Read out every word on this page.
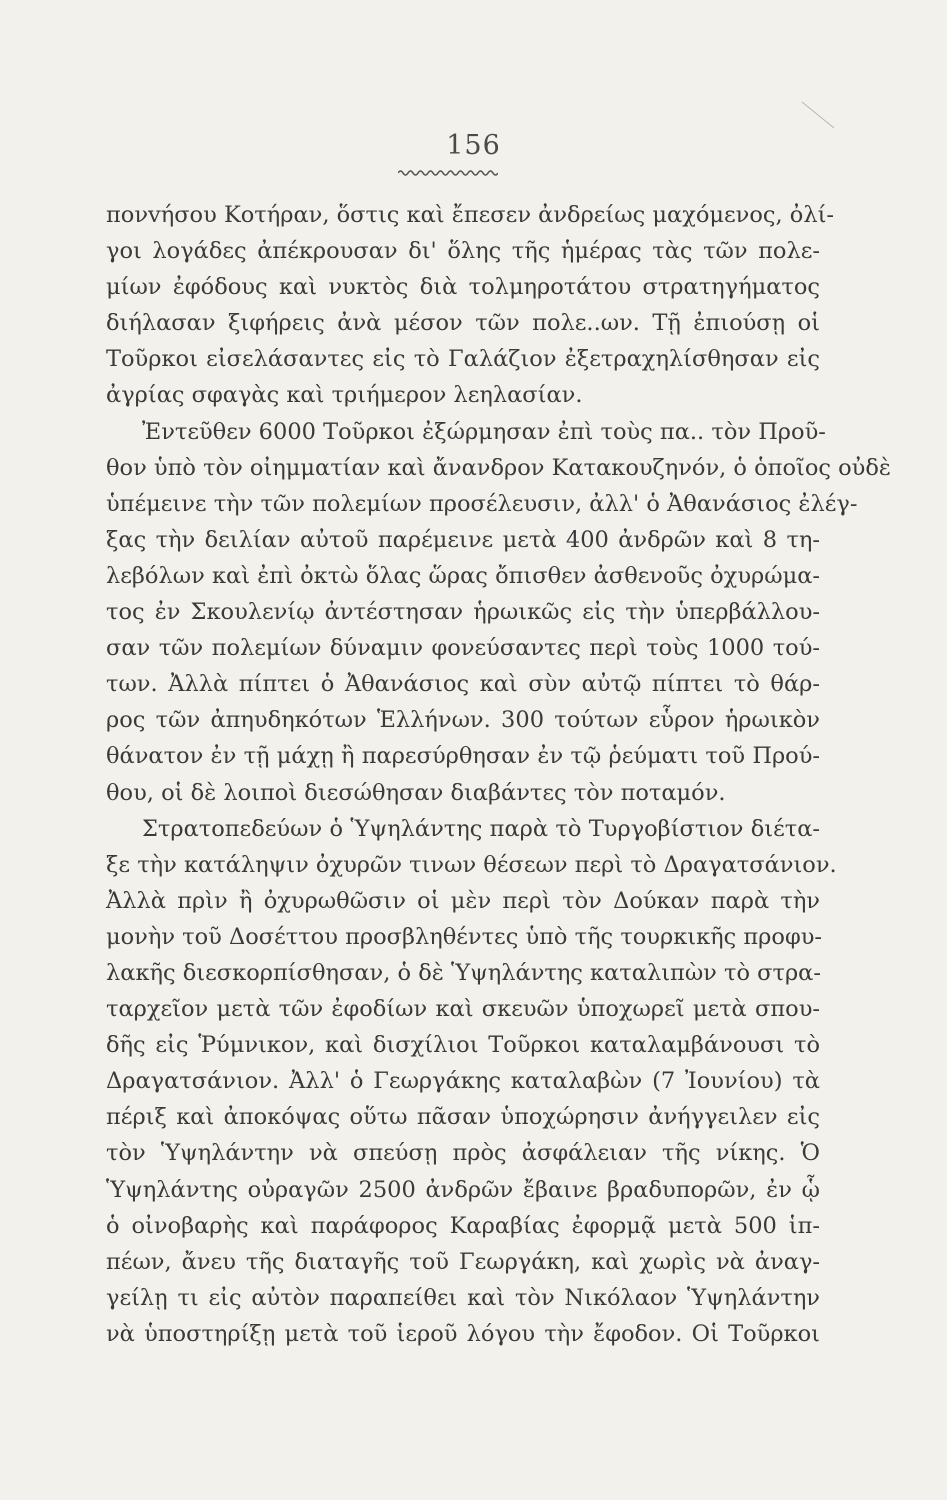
156
πονvήσου Κοτήραν, ὅστις καὶ ἔπεσεν ἀνδρείως μαχόμενος, ὀλί-
γοι λογάδες ἀπέκρουσαν δι' ὅλης τῆς ἡμέρας τὰς τῶν πολε-
μίων ἐφόδους καὶ νυκτὸς διὰ τολμηροτάτου στρατηγήματος
διήλασαν ξιφήρεις ἀνὰ μέσον τῶν πολε..ων. Τῇ ἐπιούσῃ οἱ
Τοῦρκοι εἰσελάσαντες εἰς τὸ Γαλάζιον ἐξετραχηλίσθησαν εἰς
ἀγρίας σφαγὰς καὶ τριήμερον λεηλασίαν.
Ἐντεῦθεν 6000 Τοῦρκοι ἐξώρμησαν ἐπὶ τοὺς πα.. τὸν Προῦ-
θον ὑπὸ τὸν οἰημματίαν καὶ ἄνανδρον Κατακουζηνόν, ὁ ὁποῖος οὐδὲ
ὑπέμεινε τὴν τῶν πολεμίων προσέλευσιν, ἀλλ' ὁ Ἀθανάσιος ἐλέγ-
ξας τὴν δειλίαν αὐτοῦ παρέμεινε μετὰ 400 ἀνδρῶν καὶ 8 τη-
λεβόλων καὶ ἐπὶ ὀκτὼ ὅλας ὥρας ὄπισθεν ἀσθενοῦς ὀχυρώμα-
τος ἐν Σκουλενίῳ ἀντέστησαν ἡρωικῶς εἰς τὴν ὑπερβάλλου-
σαν τῶν πολεμίων δύναμιν φονεύσαντες περὶ τοὺς 1000 τού-
των. Ἀλλὰ πίπτει ὁ Ἀθανάσιος καὶ σὺν αὐτῷ πίπτει τὸ θάρ-
ρος τῶν ἀπηυδηκότων Ἑλλήνων. 300 τούτων εὗρον ἡρωικὸν
θάνατον ἐν τῇ μάχῃ ἢ παρεσύρθησαν ἐν τῷ ῥεύματι τοῦ Πρού-
θου, οἱ δὲ λοιποὶ διεσώθησαν διαβάντες τὸν ποταμόν.
Στρατοπεδεύων ὁ Ὑψηλάντης παρὰ τὸ Τυργοβίστιον διέτα-
ξε τὴν κατάληψιν ὀχυρῶν τινων θέσεων περὶ τὸ Δραγατσάνιον.
Ἀλλὰ πρὶν ἢ ὀχυρωθῶσιν οἱ μὲν περὶ τὸν Δούκαν παρὰ τὴν
μονὴν τοῦ Δοσέττου προσβληθέντες ὑπὸ τῆς τουρκικῆς προφυ-
λακῆς διεσκορπίσθησαν, ὁ δὲ Ὑψηλάντης καταλιπὼν τὸ στρα-
ταρχεῖον μετὰ τῶν ἐφοδίων καὶ σκευῶν ὑποχωρεῖ μετὰ σπου-
δῆς εἰς Ῥύμνικον, καὶ δισχίλιοι Τοῦρκοι καταλαμβάνουσι τὸ
Δραγατσάνιον. Ἀλλ' ὁ Γεωργάκης καταλαβὼν (7 Ἰουνίου) τὰ
πέριξ καὶ ἀποκόψας οὕτω πᾶσαν ὑποχώρησιν ἀνήγγειλεν εἰς
τὸν Ὑψηλάντην νὰ σπεύσῃ πρὸς ἀσφάλειαν τῆς νίκης. Ὁ
Ὑψηλάντης οὐραγῶν 2500 ἀνδρῶν ἔβαινε βραδυπορῶν, ἐν ᾧ
ὁ οἰνοβαρὴς καὶ παράφορος Καραβίας ἐφορμᾷ μετὰ 500 ἱπ-
πέων, ἄνευ τῆς διαταγῆς τοῦ Γεωργάκη, καὶ χωρὶς νὰ ἀναγ-
γείλῃ τι εἰς αὐτὸν παραπείθει καὶ τὸν Νικόλαον Ὑψηλάντην
νὰ ὑποστηρίξῃ μετὰ τοῦ ἱεροῦ λόγου τὴν ἔφοδον. Οἱ Τοῦρκοι
